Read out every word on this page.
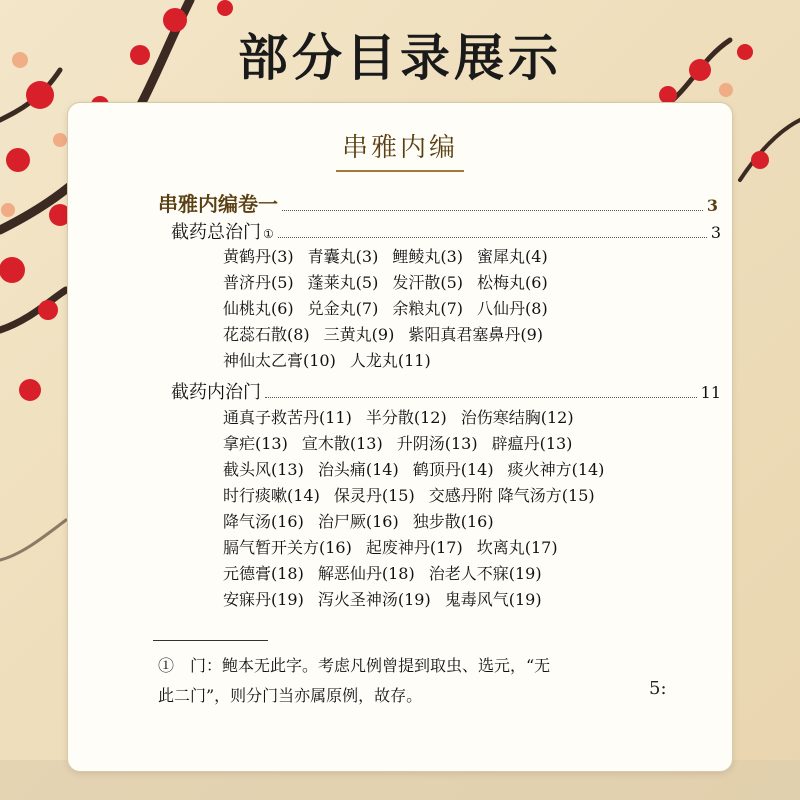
部分目录展示
串雅内编
串雅内编卷一	3
截药总治门 ①	3
黄鹤丹(3) 青囊丸(3) 鲤鲮丸(3) 蜜犀丸(4)
普济丹(5) 蓬莱丸(5) 发汗散(5) 松梅丸(6)
仙桃丸(6) 兑金丸(7) 余粮丸(7) 八仙丹(8)
花蕊石散(8) 三黄丸(9) 紫阳真君塞鼻丹(9)
神仙太乙膏(10) 人龙丸(11)
截药内治门	11
通真子救苦丹(11) 半分散(12) 治伤寒结胸(12)
拿疟(13) 宣木散(13) 升阴汤(13) 辟瘟丹(13)
截头风(13) 治头痛(14) 鹤顶丹(14) 痰火神方(14)
时行痰嗽(14) 保灵丹(15) 交感丹附 降气汤方(15)
降气汤(16) 治尸厥(16) 独步散(16)
膈气暂开关方(16) 起废神丹(17) 坎离丸(17)
元德膏(18) 解恶仙丹(18) 治老人不寐(19)
安寐丹(19) 泻火圣神汤(19) 鬼毒风气(19)
①　门：鲍本无此字。考虑凡例曾提到取虫、选元，“无
此二门”，则分门当亦属原例，故存。	5:
